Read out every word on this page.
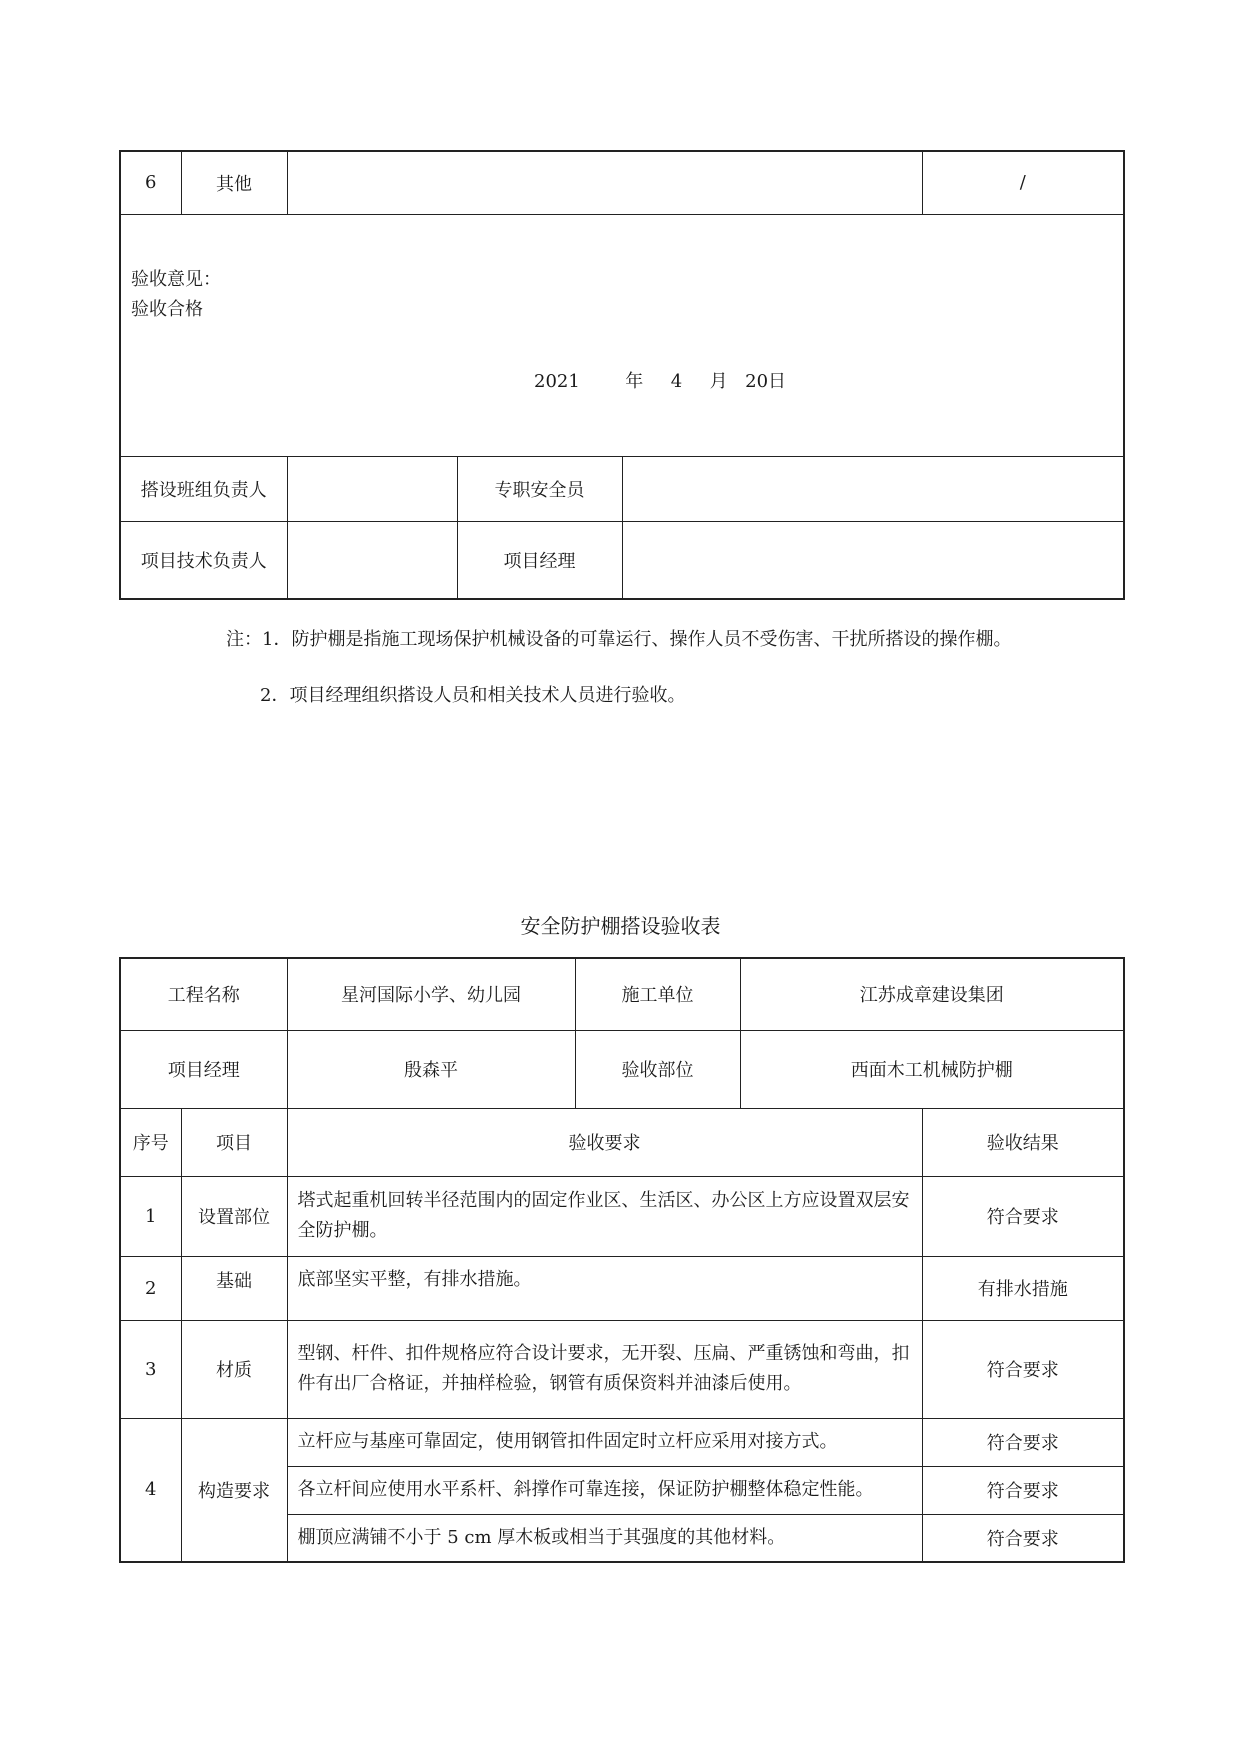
6	其他				/

验收意见：
验收合格
2021 年 4 月 20日					

搭设班组负责人			专职安全员		
项目技术负责人			项目经理		
注：1．防护棚是指施工现场保护机械设备的可靠运行、操作人员不受伤害、干扰所搭设的操作棚。
2．项目经理组织搭设人员和相关技术人员进行验收。
安全防护棚搭设验收表
工程名称		星河国际小学、幼儿园	施工单位	江苏成章建设集团	
项目经理		殷森平	验收部位	西面木工机械防护棚	
序号	项目	验收要求			验收结果
1	设置部位	塔式起重机回转半径范围内的固定作业区、生活区、办公区上方应设置双层安全防护棚。			符合要求
2	基础	底部坚实平整，有排水措施。			有排水措施
3	材质	型钢、杆件、扣件规格应符合设计要求，无开裂、压扁、严重锈蚀和弯曲，扣件有出厂合格证，并抽样检验，钢管有质保资料并油漆后使用。			符合要求
4	构造要求	立杆应与基座可靠固定，使用钢管扣件固定时立杆应采用对接方式。			符合要求
		各立杆间应使用水平系杆、斜撑作可靠连接，保证防护棚整体稳定性能。			符合要求
		棚顶应满铺不小于 5 cm 厚木板或相当于其强度的其他材料。			符合要求
